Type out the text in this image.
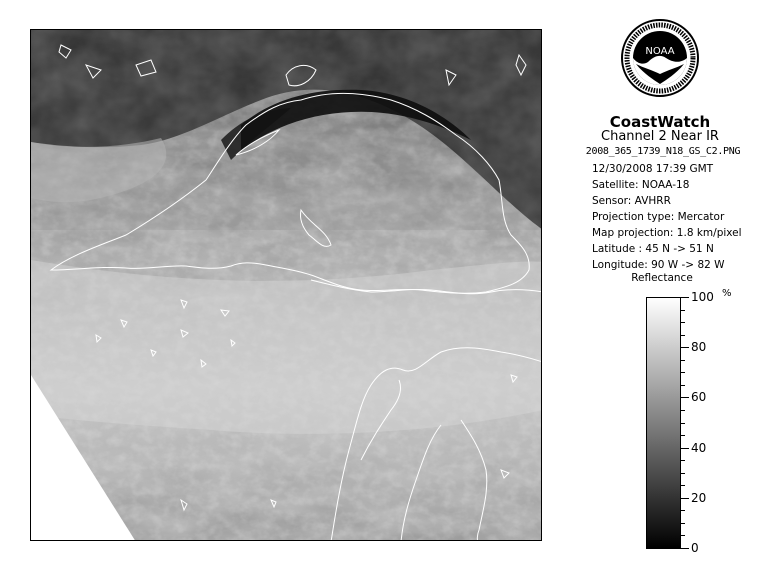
NOAA
CoastWatch
Channel 2 Near IR
2008_365_1739_N18_GS_C2.PNG
12/30/2008 17:39 GMT
Satellite: NOAA-18
Sensor: AVHRR
Projection type: Mercator
Map projection: 1.8 km/pixel
Latitude : 45 N -> 51 N
Longitude: 90 W -> 82 W
Reflectance
%
100
80
60
40
20
0
